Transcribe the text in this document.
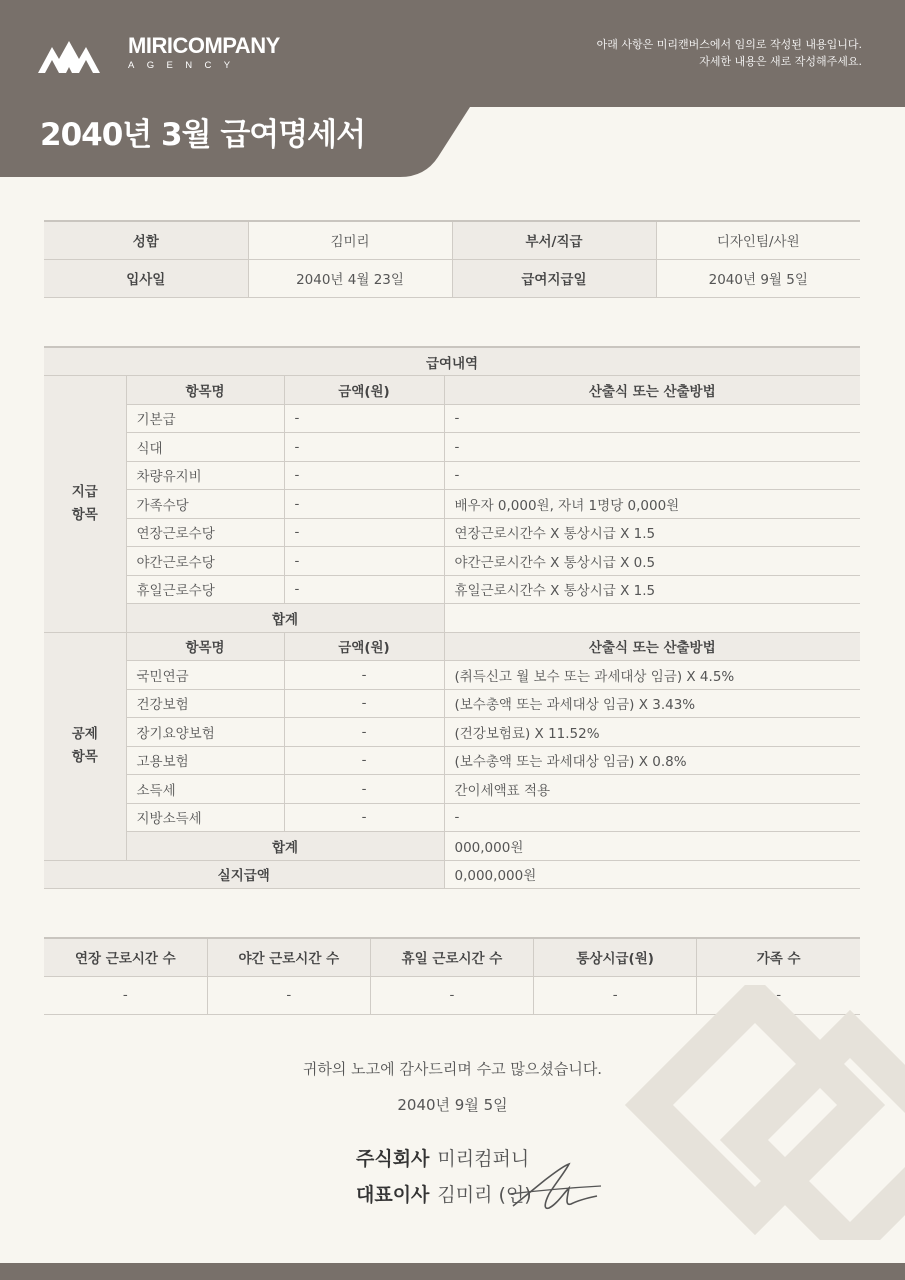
MIRICOMPANY
AGENCY
아래 사항은 미리캔버스에서 임의로 작성된 내용입니다.
자세한 내용은 새로 작성해주세요.
2040년 3월 급여명세서
성함	김미리	부서/직급	디자인팀/사원
입사일	2040년 4월 23일	급여지급일	2040년 9월 5일
급여내역			
지급
항목	항목명	금액(원)	산출식 또는 산출방법
	기본급	-	-
	식대	-	-
	차량유지비	-	-
	가족수당	-	배우자 0,000원, 자녀 1명당 0,000원
	연장근로수당	-	연장근로시간수 X 통상시급 X 1.5
	야간근로수당	-	야간근로시간수 X 통상시급 X 0.5
	휴일근로수당	-	휴일근로시간수 X 통상시급 X 1.5
	합계		
공제
항목	항목명	금액(원)	산출식 또는 산출방법
	국민연금	-	(취득신고 월 보수 또는 과세대상 임금) X 4.5%
	건강보험	-	(보수총액 또는 과세대상 임금) X 3.43%
	장기요양보험	-	(건강보험료) X 11.52%
	고용보험	-	(보수총액 또는 과세대상 임금) X 0.8%
	소득세	-	간이세액표 적용
	지방소득세	-	-
	합계		000,000원
실지급액			0,000,000원
연장 근로시간 수	야간 근로시간 수	휴일 근로시간 수	통상시급(원)	가족 수
-	-	-	-	-
귀하의 노고에 감사드리며 수고 많으셨습니다.
2040년 9월 5일
주식회사 미리컴퍼니
대표이사 김미리 (인)
